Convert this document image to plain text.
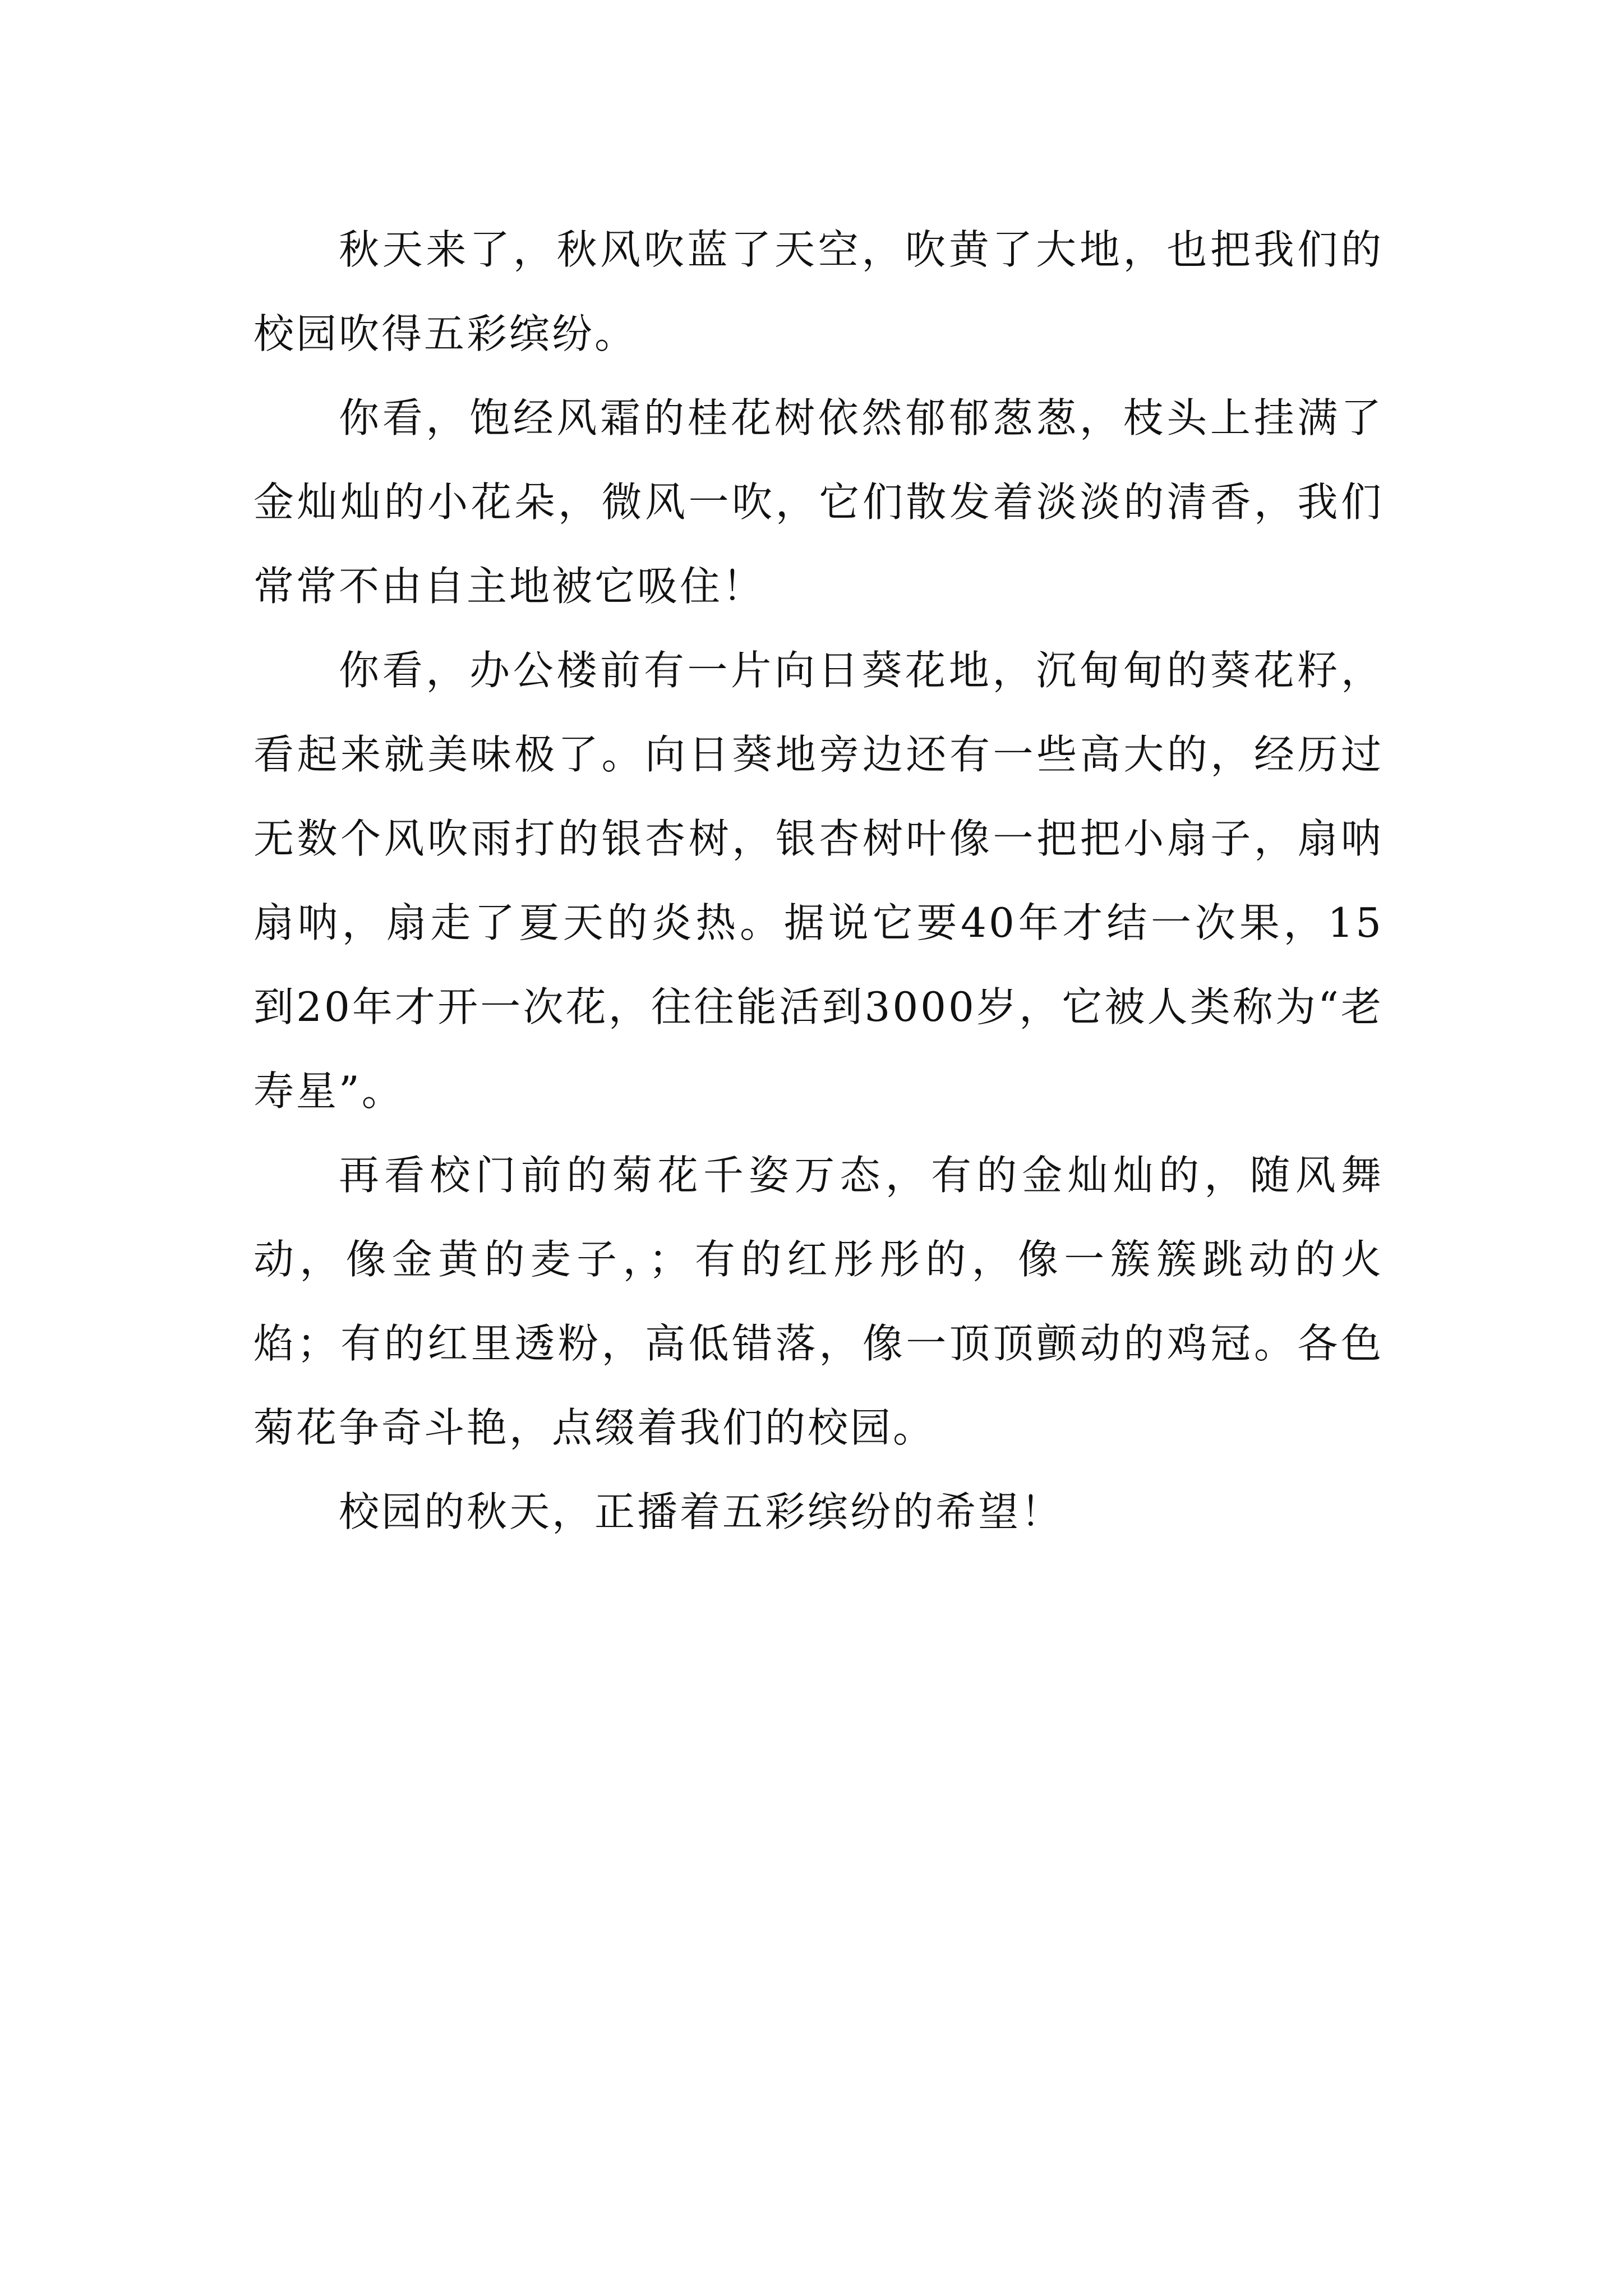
秋天来了，秋风吹蓝了天空，吹黄了大地，也把我们的校园吹得五彩缤纷。

你看，饱经风霜的桂花树依然郁郁葱葱，枝头上挂满了金灿灿的小花朵，微风一吹，它们散发着淡淡的清香，我们常常不由自主地被它吸住！

你看，办公楼前有一片向日葵花地，沉甸甸的葵花籽，看起来就美味极了。向日葵地旁边还有一些高大的，经历过无数个风吹雨打的银杏树，银杏树叶像一把把小扇子，扇呐扇呐，扇走了夏天的炎热。据说它要40年才结一次果，15到20年才开一次花，往往能活到3000岁，它被人类称为“老寿星”。

再看校门前的菊花千姿万态，有的金灿灿的，随风舞动，像金黄的麦子，；有的红彤彤的，像一簇簇跳动的火焰；有的红里透粉，高低错落，像一顶顶颤动的鸡冠。各色菊花争奇斗艳，点缀着我们的校园。

校园的秋天，正播着五彩缤纷的希望！
